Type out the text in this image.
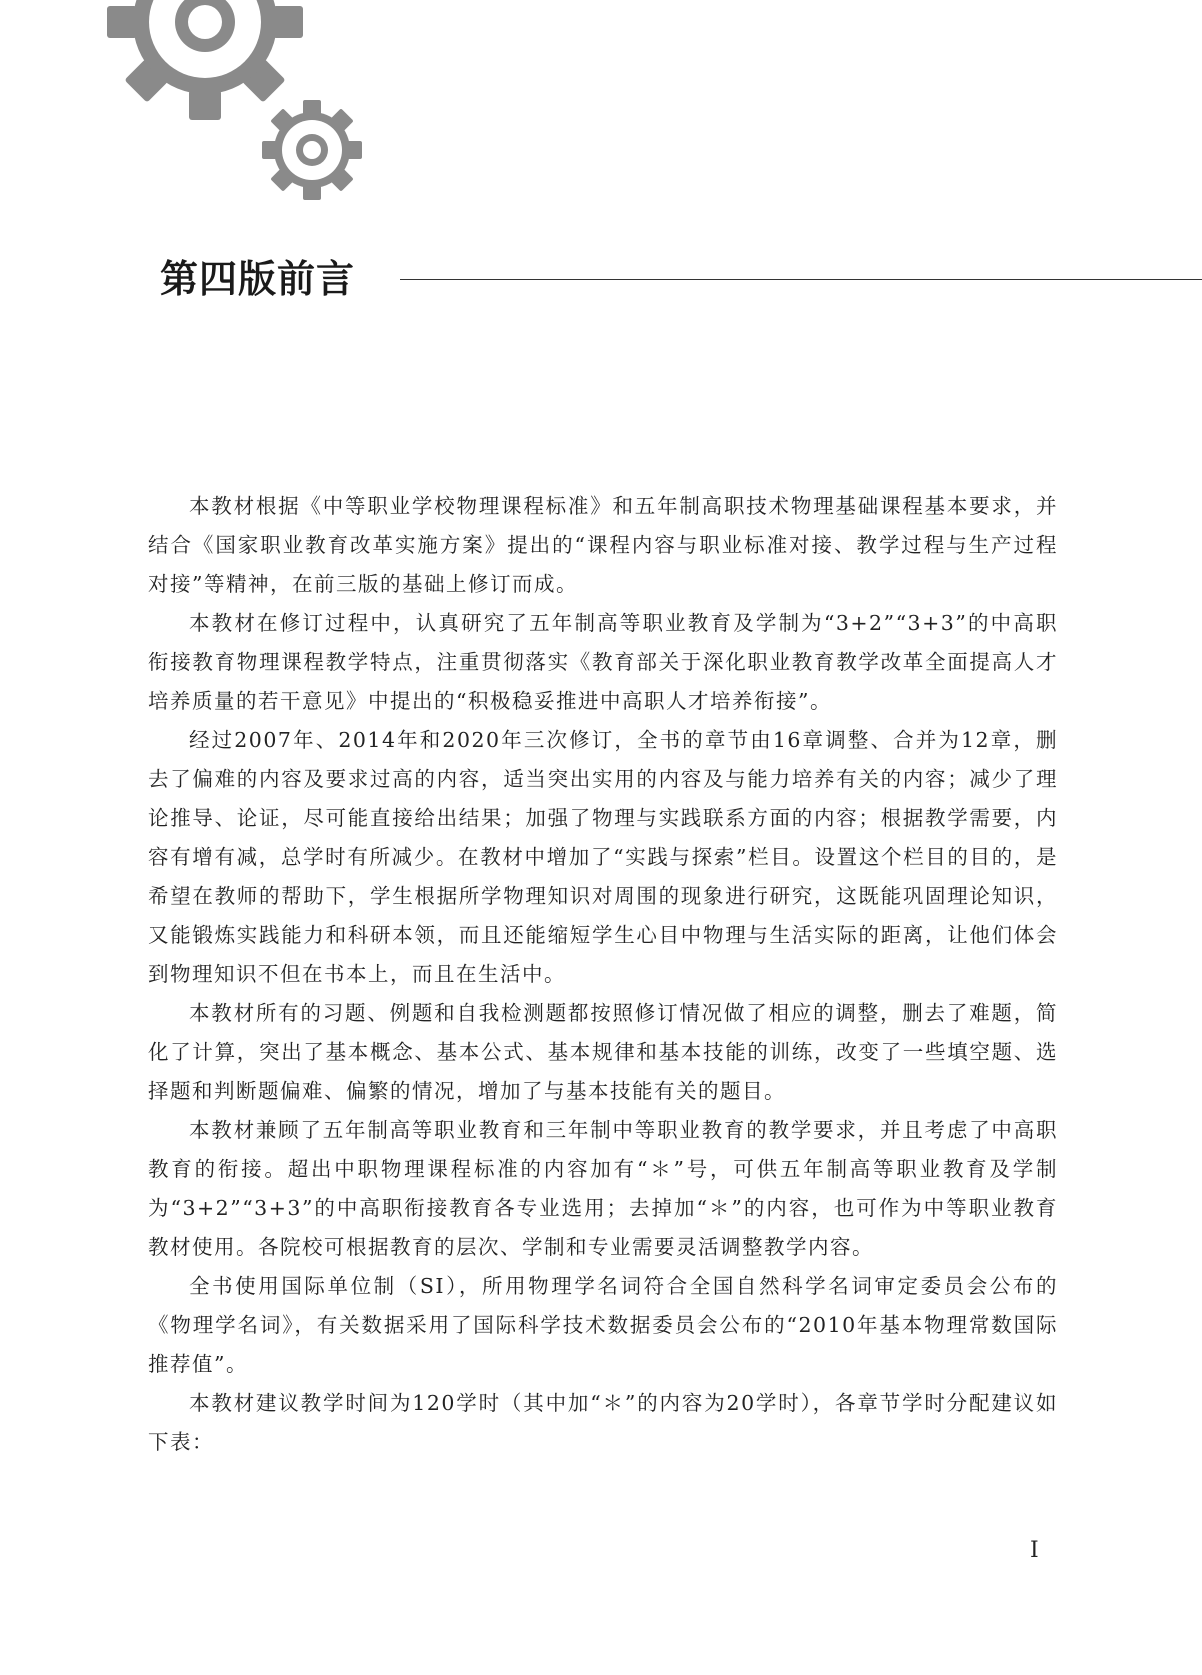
第四版前言

本教材根据《中等职业学校物理课程标准》和五年制高职技术物理基础课程基本要求，并结合《国家职业教育改革实施方案》提出的“课程内容与职业标准对接、教学过程与生产过程对接”等精神，在前三版的基础上修订而成。

本教材在修订过程中，认真研究了五年制高等职业教育及学制为“3+2”“3+3”的中高职衔接教育物理课程教学特点，注重贯彻落实《教育部关于深化职业教育教学改革全面提高人才培养质量的若干意见》中提出的“积极稳妥推进中高职人才培养衔接”。

经过2007年、2014年和2020年三次修订，全书的章节由16章调整、合并为12章，删去了偏难的内容及要求过高的内容，适当突出实用的内容及与能力培养有关的内容；减少了理论推导、论证，尽可能直接给出结果；加强了物理与实践联系方面的内容；根据教学需要，内容有增有减，总学时有所减少。在教材中增加了“实践与探索”栏目。设置这个栏目的目的，是希望在教师的帮助下，学生根据所学物理知识对周围的现象进行研究，这既能巩固理论知识，又能锻炼实践能力和科研本领，而且还能缩短学生心目中物理与生活实际的距离，让他们体会到物理知识不但在书本上，而且在生活中。

本教材所有的习题、例题和自我检测题都按照修订情况做了相应的调整，删去了难题，简化了计算，突出了基本概念、基本公式、基本规律和基本技能的训练，改变了一些填空题、选择题和判断题偏难、偏繁的情况，增加了与基本技能有关的题目。

本教材兼顾了五年制高等职业教育和三年制中等职业教育的教学要求，并且考虑了中高职教育的衔接。超出中职物理课程标准的内容加有“＊”号，可供五年制高等职业教育及学制为“3+2”“3+3”的中高职衔接教育各专业选用；去掉加“＊”的内容，也可作为中等职业教育教材使用。各院校可根据教育的层次、学制和专业需要灵活调整教学内容。

全书使用国际单位制（SI），所用物理学名词符合全国自然科学名词审定委员会公布的《物理学名词》，有关数据采用了国际科学技术数据委员会公布的“2010年基本物理常数国际推荐值”。

本教材建议教学时间为120学时（其中加“＊”的内容为20学时），各章节学时分配建议如下表：

Ⅰ
